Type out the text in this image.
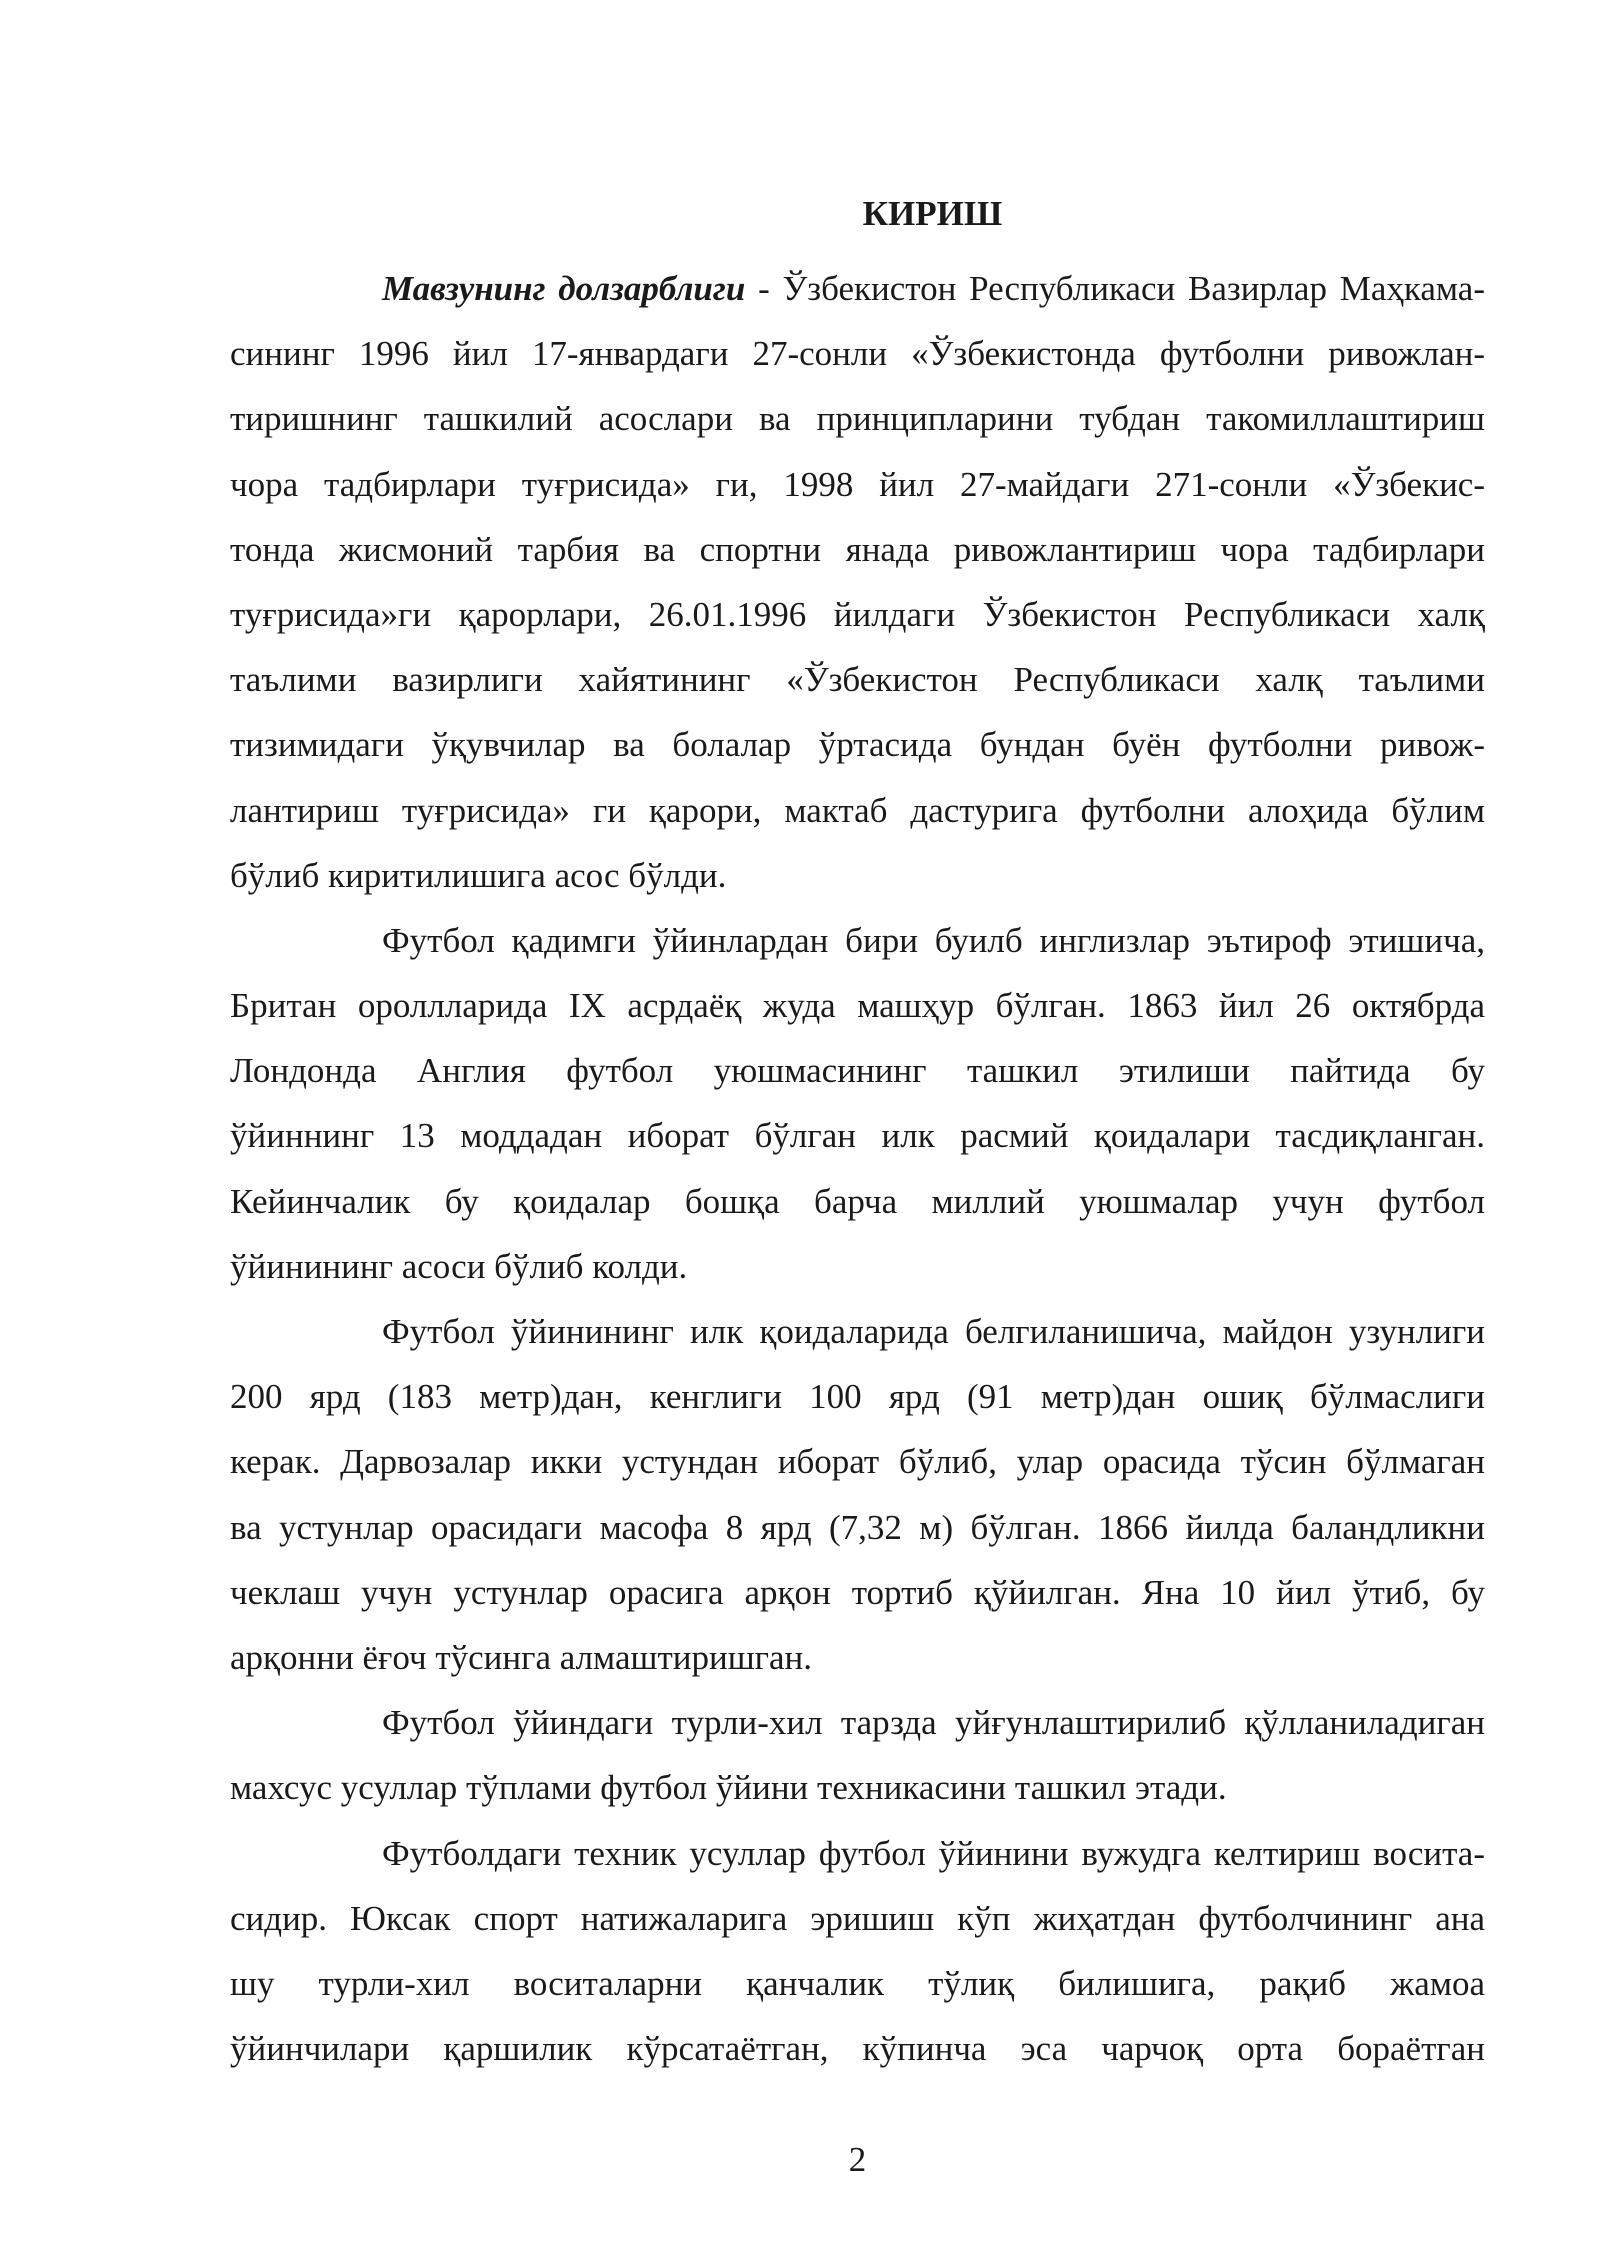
КИРИШ
Мавзунинг долзарблиги - Ўзбекистон Республикаси Вазирлар Маҳкама-
сининг 1996 йил 17-январдаги 27-сонли «Ўзбекистонда футболни ривожлан-
тиришнинг ташкилий асослари ва принципларини тубдан такомиллаштириш
чора тадбирлари туғрисида» ги, 1998 йил 27-майдаги 271-сонли «Ўзбекис-
тонда жисмоний тарбия ва спортни янада ривожлантириш чора тадбирлари
туғрисида»ги қарорлари, 26.01.1996 йилдаги Ўзбекистон Республикаси халқ
таълими вазирлиги хайятининг «Ўзбекистон Республикаси халқ таълими
тизимидаги ўқувчилар ва болалар ўртасида бундан буён футболни ривож-
лантириш туғрисида» ги қарори, мактаб дастурига футболни алоҳида бўлим
бўлиб киритилишига асос бўлди.
Футбол қадимги ўйинлардан бири буилб инглизлар эътироф этишича,
Британ ороллларида IX асрдаёқ жуда машҳур бўлган. 1863 йил 26 октябрда
Лондонда Англия футбол уюшмасининг ташкил этилиши пайтида бу
ўйиннинг 13 моддадан иборат бўлган илк расмий қоидалари тасдиқланган.
Кейинчалик бу қоидалар бошқа барча миллий уюшмалар учун футбол
ўйинининг асоси бўлиб колди.
Футбол ўйинининг илк қоидаларида белгиланишича, майдон узунлиги
200 ярд (183 метр)дан, кенглиги 100 ярд (91 метр)дан ошиқ бўлмаслиги
керак. Дарвозалар икки устундан иборат бўлиб, улар орасида тўсин бўлмаган
ва устунлар орасидаги масофа 8 ярд (7,32 м) бўлган. 1866 йилда баландликни
чеклаш учун устунлар орасига арқон тортиб қўйилган. Яна 10 йил ўтиб, бу
арқонни ёғоч тўсинга алмаштиришган.
Футбол ўйиндаги турли-хил тарзда уйғунлаштирилиб қўлланиладиган
махсус усуллар тўплами футбол ўйини техникасини ташкил этади.
Футболдаги техник усуллар футбол ўйинини вужудга келтириш восита-
сидир. Юксак спорт натижаларига эришиш кўп жиҳатдан футболчининг ана
шу турли-хил воситаларни қанчалик тўлиқ билишига, рақиб жамоа
ўйинчилари қаршилик кўрсатаётган, кўпинча эса чарчоқ орта бораётган
2
